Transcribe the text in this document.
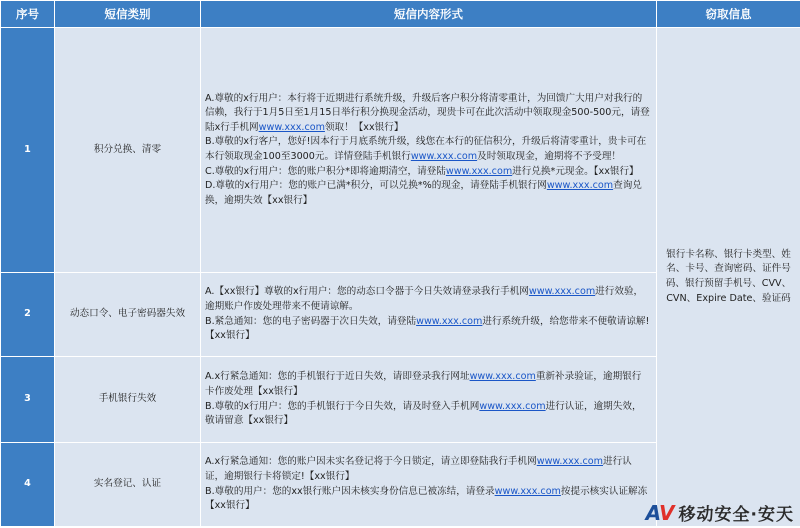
序号	短信类别	短信内容形式	窃取信息
1	积分兑换、清零	A.尊敬的x行用户：本行将于近期进行系统升级，升级后客户积分将清零重计，为回馈广大用户对我行的信赖，我行于1月5日至1月15日举行积分换现金活动，现贵卡可在此次活动中领取现金500-500元，请登陆x行手机网www.xxx.com领取！【xx银行】
B.尊敬的x行客户，您好!因本行于月底系统升级，线您在本行的征信积分，升级后将清零重计，贵卡可在本行领取现金100至3000元。详情登陆手机银行www.xxx.com及时领取现金，逾期将不予受理！
C.尊敬的x行用户：您的账户积分*即将逾期清空，请登陆www.xxx.com进行兑换*元现金。【xx银行】
D.尊敬的x行用户：您的账户已满*积分，可以兑换*%的现金，请登陆手机银行网www.xxx.com查询兑换，逾期失效【xx银行】	银行卡名称、银行卡类型、姓名、卡号、查询密码、证件号码、银行预留手机号、CVV、CVN、Expire Date、验证码
2	动态口令、电子密码器失效	A.【xx银行】尊敬的x行用户：您的动态口令器于今日失效请登录我行手机网www.xxx.com进行效验，逾期账户作废处理带来不便请谅解。
B.紧急通知：您的电子密码器于次日失效，请登陆www.xxx.com进行系统升级，给您带来不便敬请谅解!【xx银行】	

3	手机银行失效	A.x行紧急通知：您的手机银行于近日失效，请即登录我行网址www.xxx.com重新补录验证，逾期银行卡作废处理【xx银行】
B.尊敬的x行用户：您的手机银行于今日失效，请及时登入手机网www.xxx.com进行认证，逾期失效， 敬请留意【xx银行】	

4	实名登记、认证	A.x行紧急通知：您的账户因未实名登记将于今日锁定，请立即登陆我行手机网www.xxx.com进行认证，逾期银行卡将锁定!【xx银行】
B.尊敬的用户：您的xx银行账户因未核实身份信息已被冻结，请登录www.xxx.com按提示核实认证解冻【xx银行】		A V 移动安全·安天
